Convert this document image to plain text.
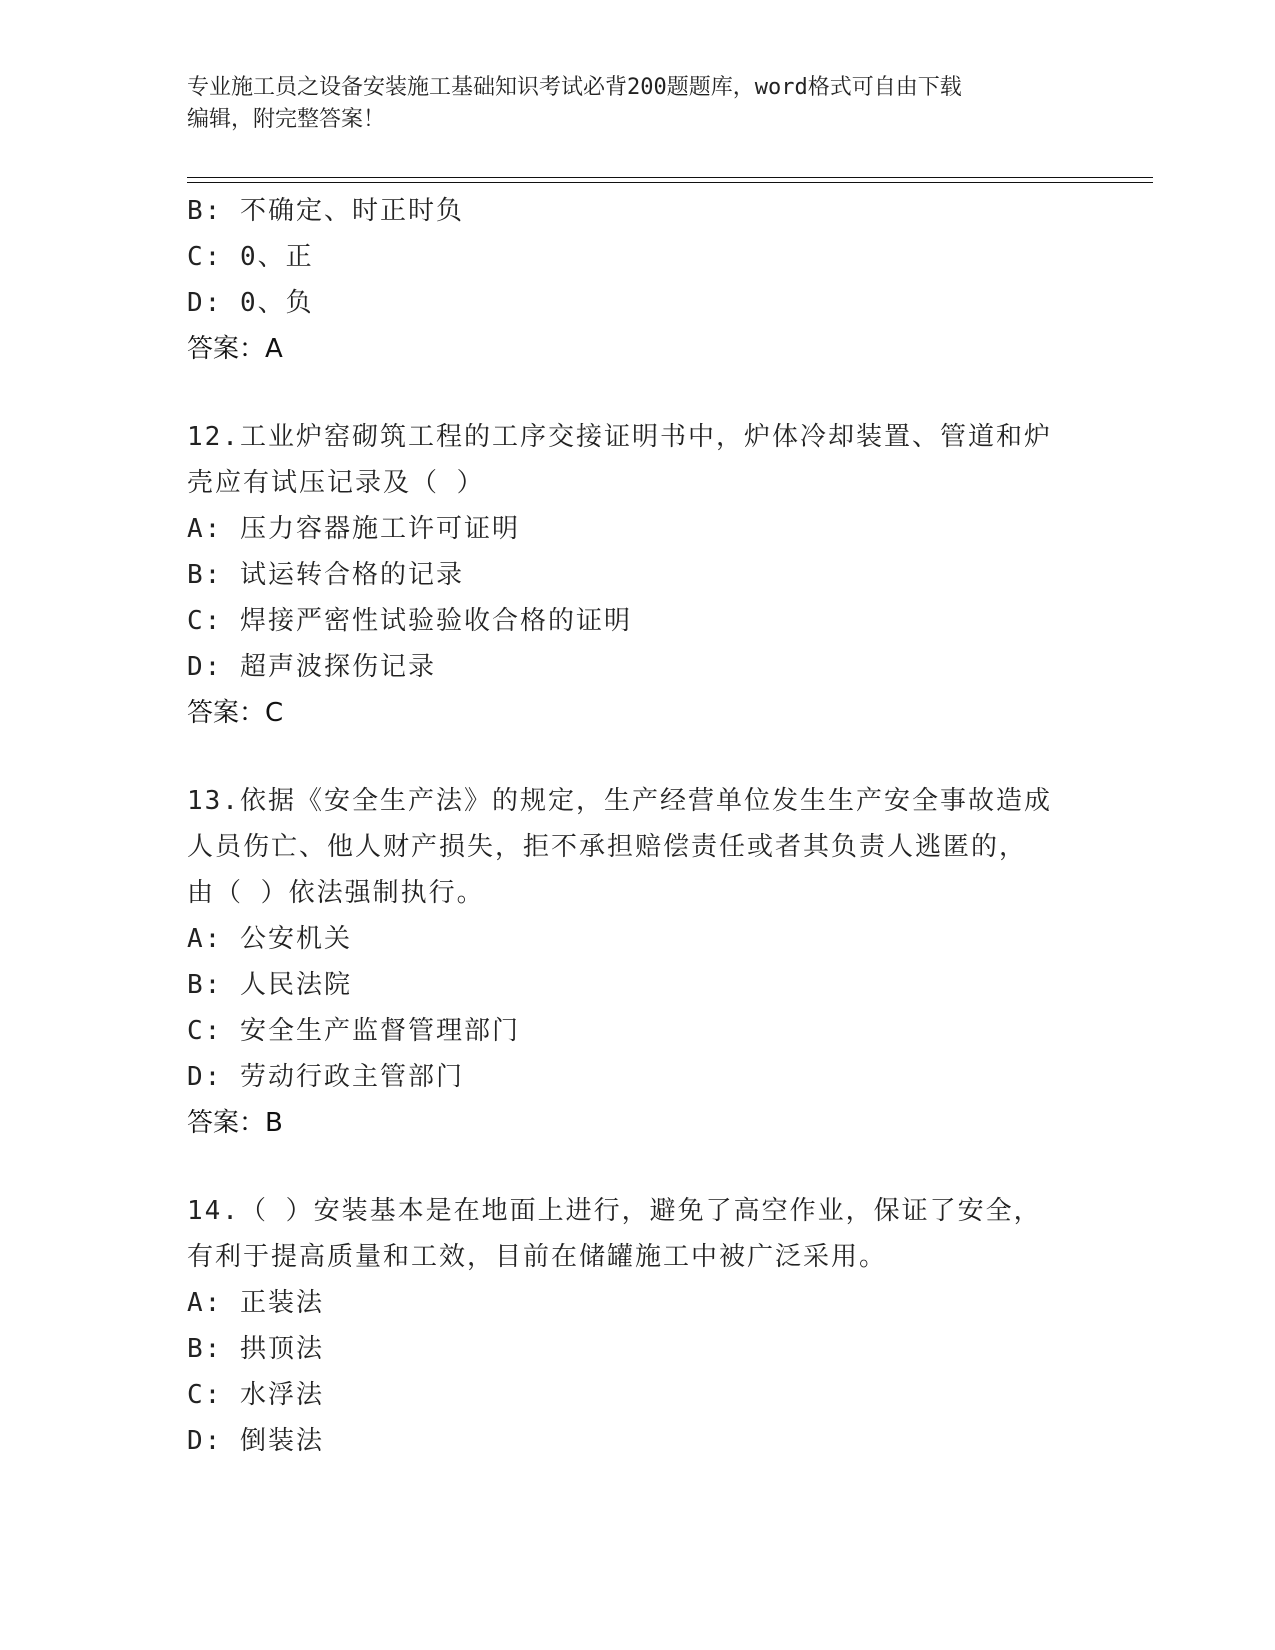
专业施工员之设备安装施工基础知识考试必背200题题库，word格式可自由下载
编辑，附完整答案！
B: 不确定、时正时负
C: 0、正
D: 0、负
答案：A
12.工业炉窑砌筑工程的工序交接证明书中，炉体冷却装置、管道和炉
壳应有试压记录及（ ）
A: 压力容器施工许可证明
B: 试运转合格的记录
C: 焊接严密性试验验收合格的证明
D: 超声波探伤记录
答案：C
13.依据《安全生产法》的规定，生产经营单位发生生产安全事故造成
人员伤亡、他人财产损失，拒不承担赔偿责任或者其负责人逃匿的，
由（ ）依法强制执行。
A: 公安机关
B: 人民法院
C: 安全生产监督管理部门
D: 劳动行政主管部门
答案：B
14.（ ）安装基本是在地面上进行，避免了高空作业，保证了安全，
有利于提高质量和工效，目前在储罐施工中被广泛采用。
A: 正装法
B: 拱顶法
C: 水浮法
D: 倒装法
